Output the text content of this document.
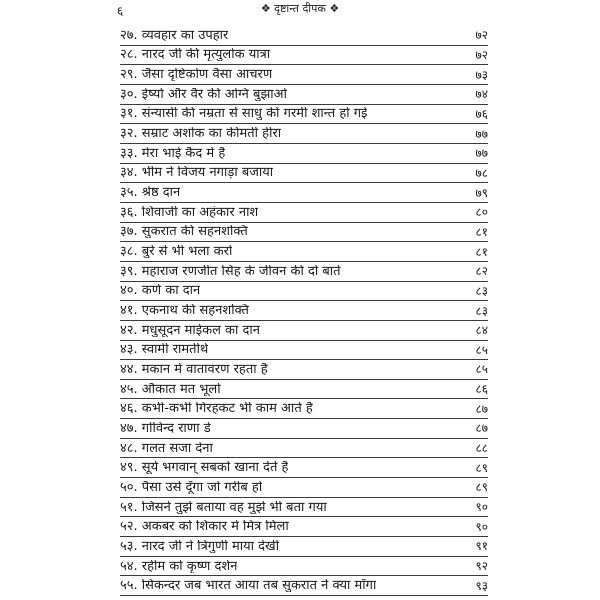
६	❖ दृष्टान्त दीपक ❖
२७. व्यवहार का उपहार	७२
२८. नारद जी की मृत्युलोक यात्रा	७२
२९. जैसा दृष्टिकोण वैसा आचरण	७३
३०. ईर्ष्या और वैर की अग्नि बुझाओ	७४
३१. संन्यासी की नम्रता से साधु की गरमी शान्त हो गई	७६
३२. सम्राट अशोक का कीमती हीरा	७७
३३. मेरा भाई कैद में है	७७
३४. भीम ने विजय नगाड़ा बजाया	७८
३५. श्रेष्ठ दान	७९
३६. शिवाजी का अहंकार नाश	८०
३७. सुकरात की सहनशक्ति	८१
३८. बुरे से भी भला करो	८१
३९. महाराज रणजीत सिंह के जीवन की दो बातें	८२
४०. कर्ण का दान	८३
४१. एकनाथ की सहनशक्ति	८३
४२. मधुसूदन माईकल का दान	८४
४३. स्वामी रामतीर्थ	८५
४४. मकान में वातावरण रहता है	८५
४५. औकात मत भूलो	८६
४६. कभी-कभी गिरहकट भी काम आते हैं	८७
४७. गोविन्द राणा डे	८७
४८. गलत सजा देना	८८
४९. सूर्य भगवान् सबको खाना देते हैं	८९
५०. पैसा उसे दूँगा जो गरीब हो	८९
५१. जिसने तुझे बताया वह मुझे भी बता गया	९०
५२. अकबर को शिकार में मित्र मिला	९०
५३. नारद जी ने त्रिगुणी माया देखी	९१
५४. रहीम को कृष्ण दर्शन	९२
५५. सिकन्दर जब भारत आया तब सुकरात ने क्या माँगा	९३
